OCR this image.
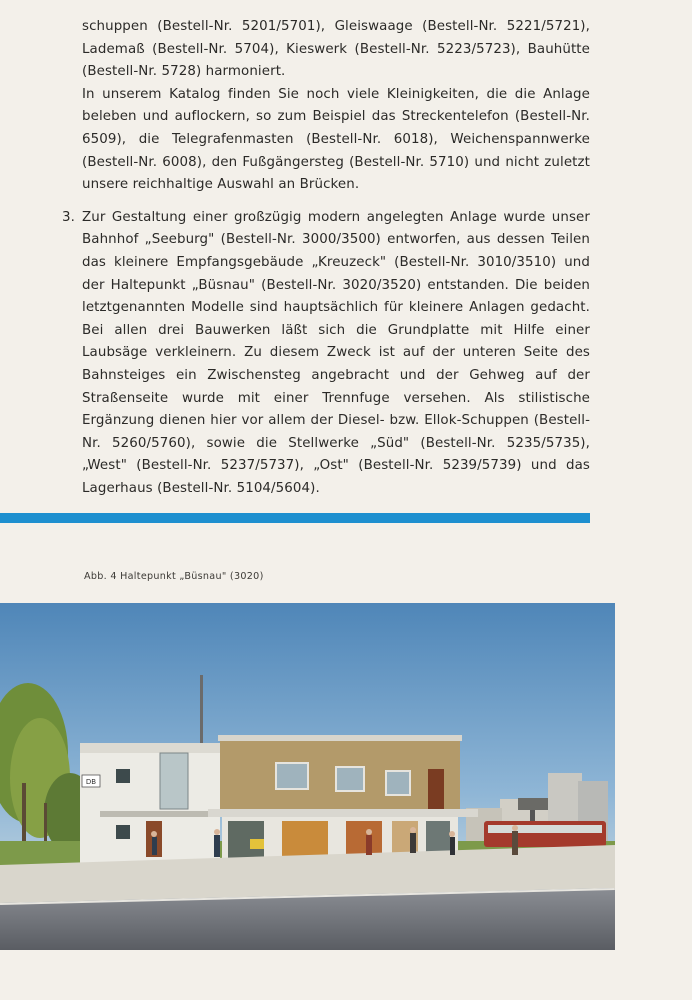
schuppen (Bestell-Nr. 5201/5701), Gleiswaage (Bestell-Nr. 5221/5721), Lademaß (Bestell-Nr. 5704), Kieswerk (Bestell-Nr. 5223/5723), Bauhütte (Bestell-Nr. 5728) harmoniert.

In unserem Katalog finden Sie noch viele Kleinigkeiten, die die Anlage beleben und auflockern, so zum Beispiel das Streckentelefon (Bestell-Nr. 6509), die Telegrafenmasten (Bestell-Nr. 6018), Weichenspannwerke (Bestell-Nr. 6008), den Fußgängersteg (Bestell-Nr. 5710) und nicht zuletzt unsere reichhaltige Auswahl an Brücken.

3. Zur Gestaltung einer großzügig modern angelegten Anlage wurde unser Bahnhof „Seeburg" (Bestell-Nr. 3000/3500) entworfen, aus dessen Teilen das kleinere Empfangsgebäude „Kreuzeck" (Bestell-Nr. 3010/3510) und der Haltepunkt „Büsnau" (Bestell-Nr. 3020/3520) entstanden. Die beiden letztgenannten Modelle sind hauptsächlich für kleinere Anlagen gedacht. Bei allen drei Bauwerken läßt sich die Grundplatte mit Hilfe einer Laubsäge verkleinern. Zu diesem Zweck ist auf der unteren Seite des Bahnsteiges ein Zwischensteg angebracht und der Gehweg auf der Straßenseite wurde mit einer Trennfuge versehen. Als stilistische Ergänzung dienen hier vor allem der Diesel- bzw. Ellok-Schuppen (Bestell-Nr. 5260/5760), sowie die Stellwerke „Süd" (Bestell-Nr. 5235/5735), „West" (Bestell-Nr. 5237/5737), „Ost" (Bestell-Nr. 5239/5739) und das Lagerhaus (Bestell-Nr. 5104/5604).

Abb. 4 Haltepunkt „Büsnau" (3020)
DB
